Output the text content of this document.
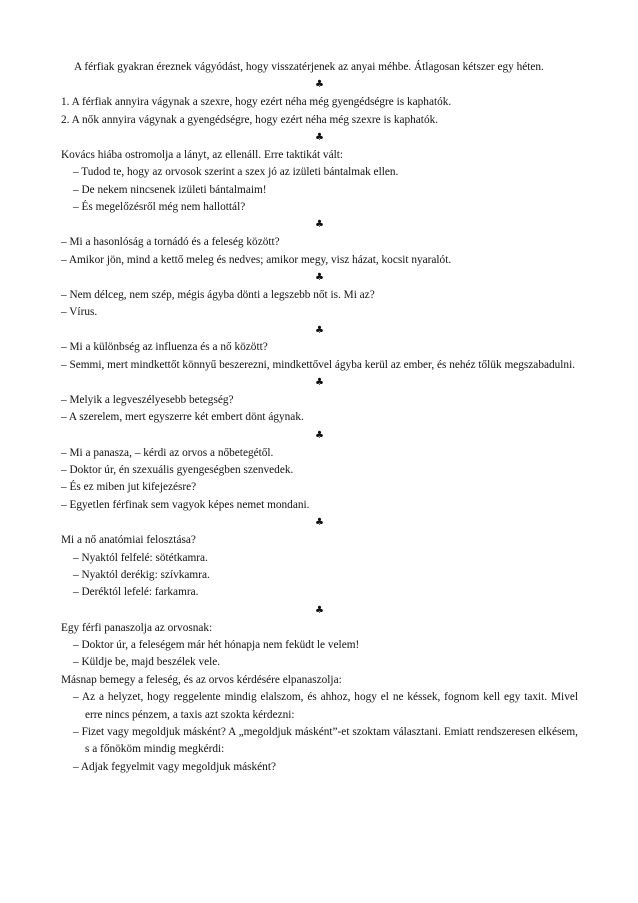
A férfiak gyakran éreznek vágyódást, hogy visszatérjenek az anyai méhbe. Átlagosan kétszer egy héten.

♣

1. A férfiak annyira vágynak a szexre, hogy ezért néha még gyengédségre is kaphatók.

2. A nők annyira vágynak a gyengédségre, hogy ezért néha még szexre is kaphatók.

♣

Kovács hiába ostromolja a lányt, az ellenáll. Erre taktikát vált:

– Tudod te, hogy az orvosok szerint a szex jó az izületi bántalmak ellen.

– De nekem nincsenek izületi bántalmaim!

– És megelőzésről még nem hallottál?

♣

– Mi a hasonlóság a tornádó és a feleség között?

– Amikor jön, mind a kettő meleg és nedves; amikor megy, visz házat, kocsit nyaralót.

♣

– Nem délceg, nem szép, mégis ágyba dönti a legszebb nőt is. Mi az?

– Vírus.

♣

– Mi a különbség az influenza és a nő között?

– Semmi, mert mindkettőt könnyű beszerezni, mindkettővel ágyba kerül az ember, és nehéz tőlük megszabadulni.

♣

– Melyik a legveszélyesebb betegség?

– A szerelem, mert egyszerre két embert dönt ágynak.

♣

– Mi a panasza, – kérdi az orvos a nőbetegétől.

– Doktor úr, én szexuális gyengeségben szenvedek.

– És ez miben jut kifejezésre?

– Egyetlen férfinak sem vagyok képes nemet mondani.

♣

Mi a nő anatómiai felosztása?

– Nyaktól felfelé: sötétkamra.

– Nyaktól derékig: szívkamra.

– Deréktól lefelé: farkamra.

♣

Egy férfi panaszolja az orvosnak:

– Doktor úr, a feleségem már hét hónapja nem feküdt le velem!

– Küldje be, majd beszélek vele.

Másnap bemegy a feleség, és az orvos kérdésére elpanaszolja:

– Az a helyzet, hogy reggelente mindig elalszom, és ahhoz, hogy el ne késsek, fognom kell egy taxit. Mivel erre nincs pénzem, a taxis azt szokta kérdezni:

– Fizet vagy megoldjuk másként? A „megoldjuk másként”-et szoktam választani. Emiatt rendszeresen elkésem, s a főnököm mindig megkérdi:

– Adjak fegyelmit vagy megoldjuk másként?
